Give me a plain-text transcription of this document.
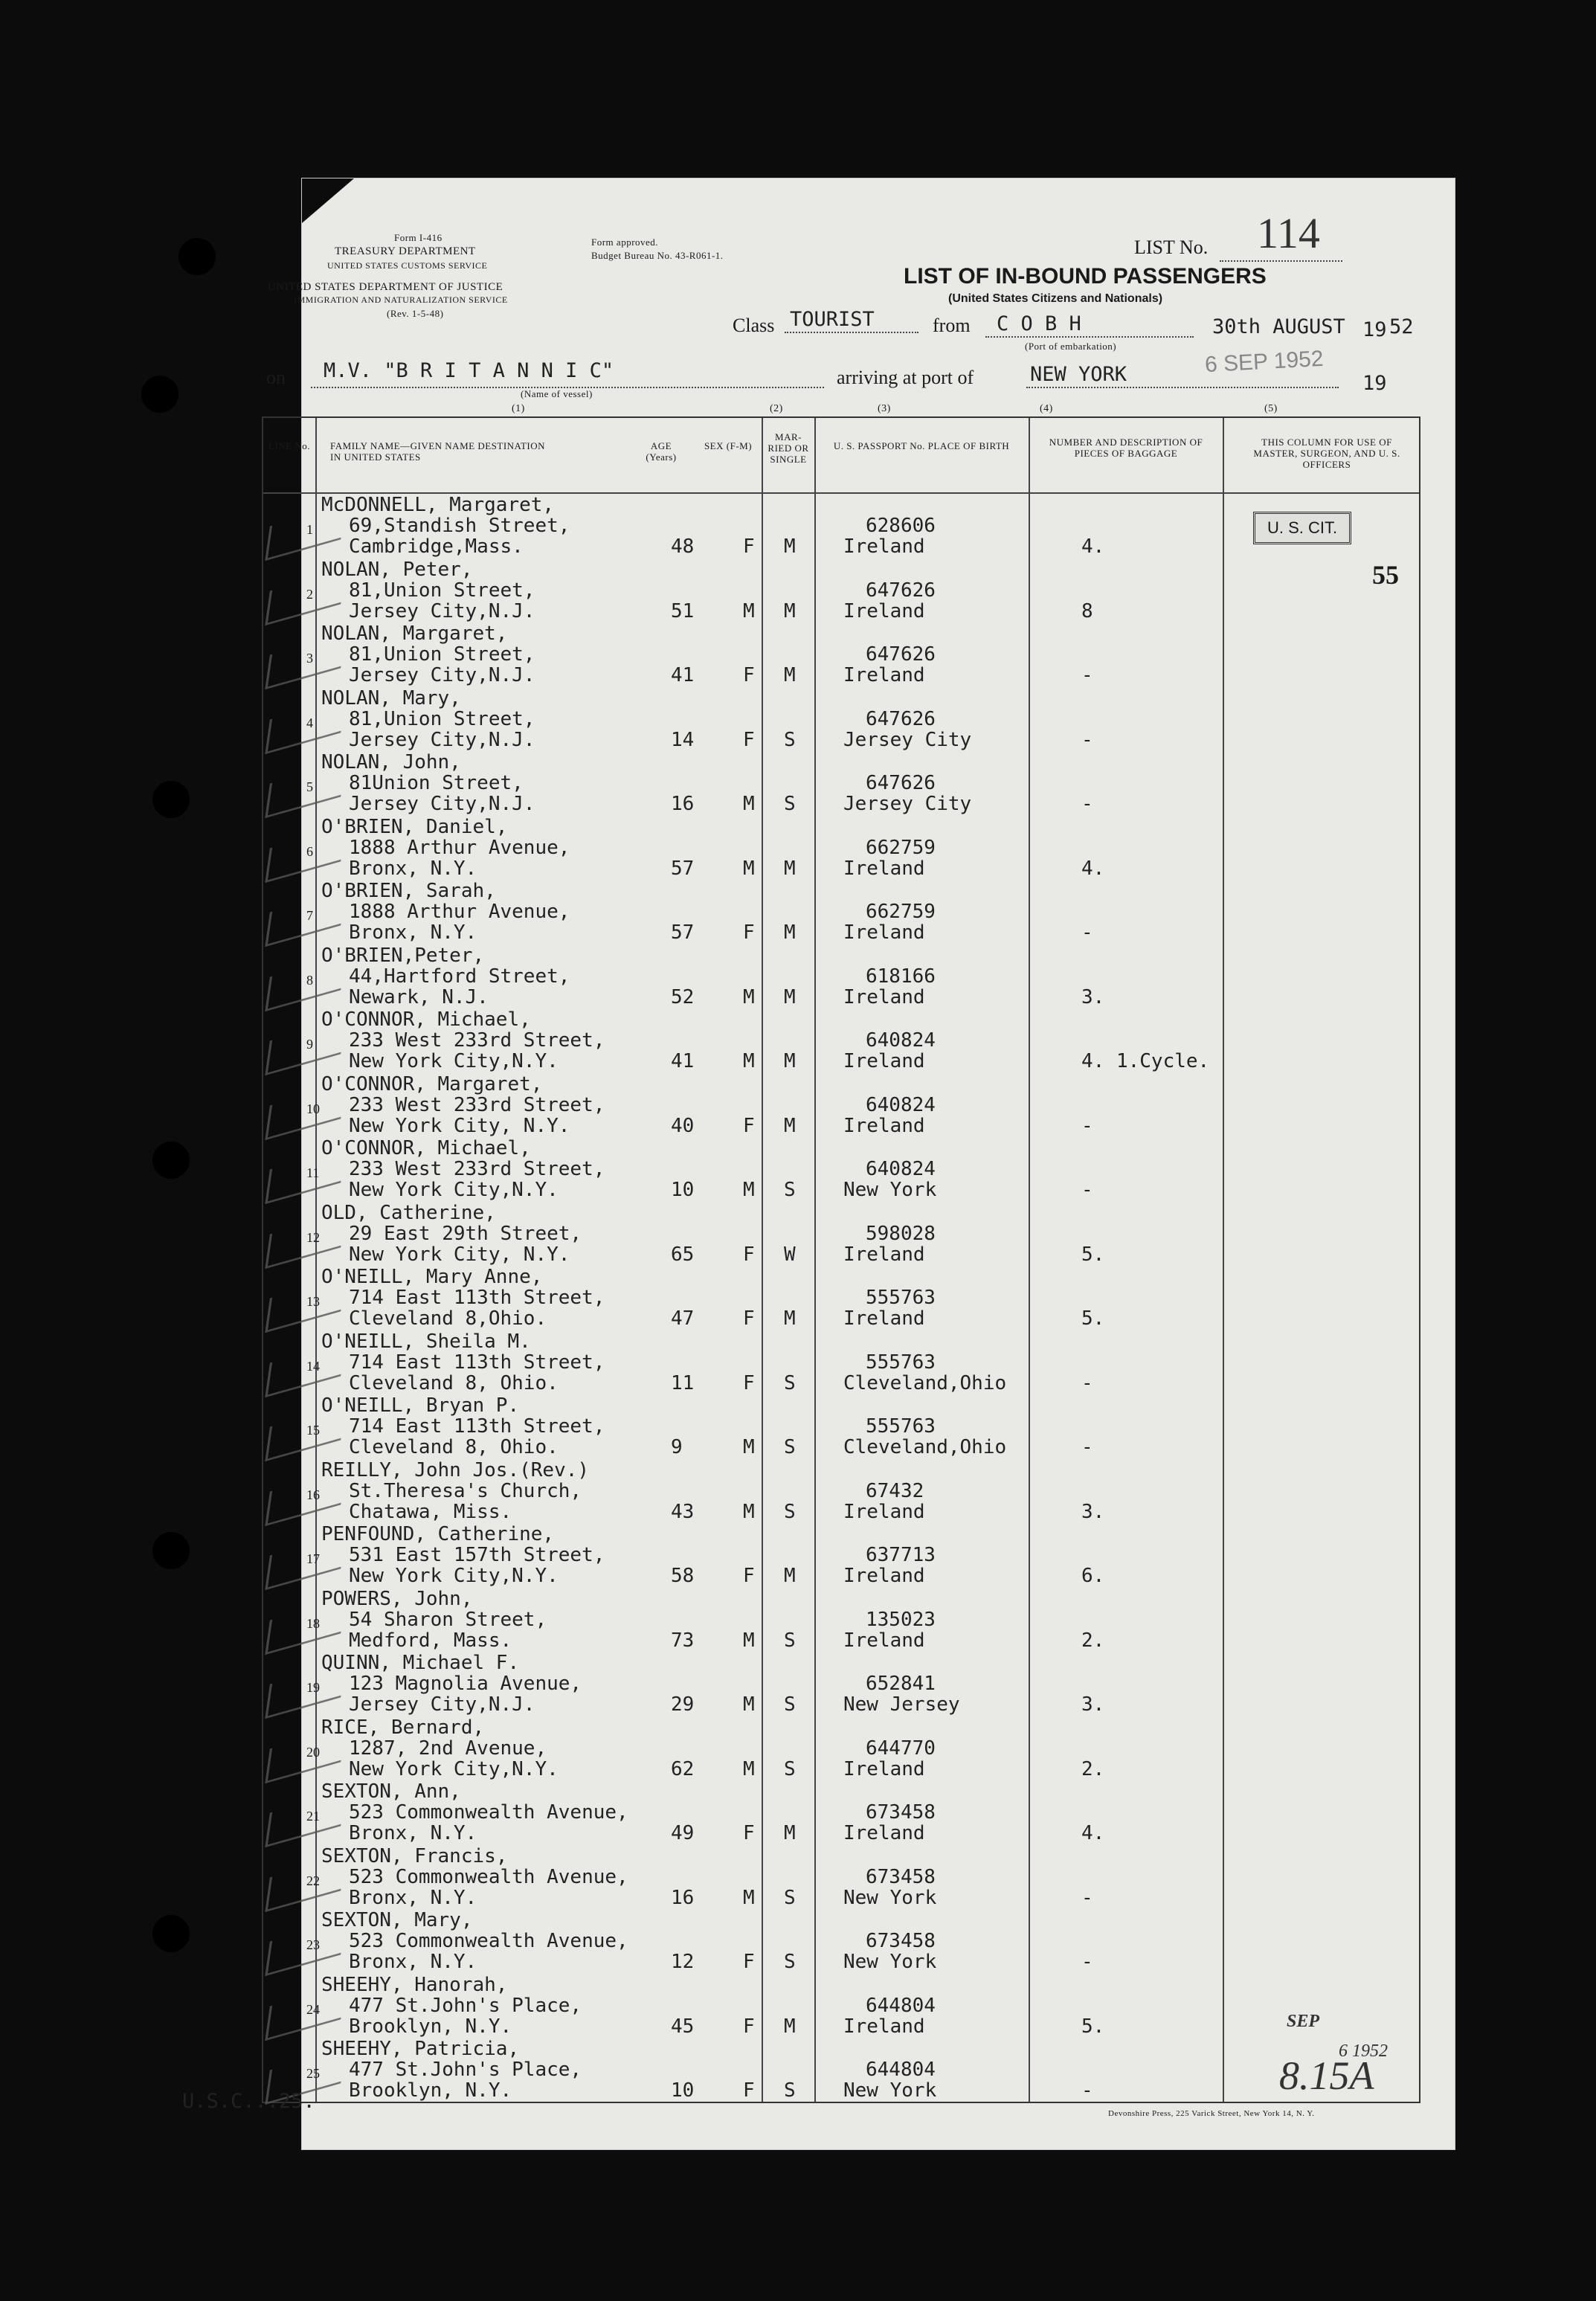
Form I-416
TREASURY DEPARTMENT
UNITED STATES CUSTOMS SERVICE
UNITED STATES DEPARTMENT OF JUSTICE
IMMIGRATION AND NATURALIZATION SERVICE
(Rev. 1-5-48)
Form approved.
Budget Bureau No. 43-R061-1.	LIST No. 114
LIST OF IN-BOUND PASSENGERS
(United States Citizens and Nationals)
Class TOURIST	from C O B H
(Port of embarkation)
30th AUGUST 19 52
on M.V. "B R I T A N N I C"
(Name of vessel)
arriving at port of	NEW YORK	6 SEP 1952
19
(1)	(2)	(3)	(4)	(5)
LINE No.	FAMILY NAME—GIVEN NAME DESTINATION IN UNITED STATES
AGE (Years)
SEX (F-M)
MAR- RIED OR SINGLE
U. S. PASSPORT No. PLACE OF BIRTH	NUMBER AND DESCRIPTION OF PIECES OF BAGGAGE
THIS COLUMN FOR USE OF MASTER, SURGEON, AND U. S. OFFICERS
1
McDONNELL, Margaret,
69,Standish Street,
Cambridge,Mass.	48	F M
628606
Ireland	4.
2
NOLAN, Peter,
81,Union Street,
Jersey City,N.J.	51	M M
647626
Ireland	8
3
NOLAN, Margaret,
81,Union Street,
Jersey City,N.J.	41	F M
647626
Ireland	-
4
NOLAN, Mary,
81,Union Street,
Jersey City,N.J.	14	F S
647626
Jersey City	-
5
NOLAN, John,
81Union Street,
Jersey City,N.J.	16	M S
647626
Jersey City	-
6
O'BRIEN, Daniel,
1888 Arthur Avenue,
Bronx, N.Y.	57	M M
662759
Ireland	4.
7
O'BRIEN, Sarah,
1888 Arthur Avenue,
Bronx, N.Y.	57	F M
662759
Ireland	-
8
O'BRIEN,Peter,
44,Hartford Street,
Newark, N.J.	52	M M
618166
Ireland	3.
9
O'CONNOR, Michael,
233 West 233rd Street,
New York City,N.Y.	41	M M
640824
Ireland	4. 1.Cycle.
10
O'CONNOR, Margaret,
233 West 233rd Street,
New York City, N.Y.	40	F M
640824
Ireland	-
11
O'CONNOR, Michael,
233 West 233rd Street,
New York City,N.Y.	10	M S
640824
New York	-
12
OLD, Catherine,
29 East 29th Street,
New York City, N.Y.	65	F W
598028
Ireland	5.
13
O'NEILL, Mary Anne,
714 East 113th Street,
Cleveland 8,Ohio.	47	F M
555763
Ireland	5.
14
O'NEILL, Sheila M.
714 East 113th Street,
Cleveland 8, Ohio.	11	F S
555763
Cleveland,Ohio	-
15
O'NEILL, Bryan P.
714 East 113th Street,
Cleveland 8, Ohio.	9	M S
555763
Cleveland,Ohio	-
16
REILLY, John Jos.(Rev.)
St.Theresa's Church,
Chatawa, Miss.	43	M S
67432
Ireland	3.
17
PENFOUND, Catherine,
531 East 157th Street,
New York City,N.Y.	58	F M
637713
Ireland	6.
18
POWERS, John,
54 Sharon Street,
Medford, Mass.	73	M S
135023
Ireland	2.
19
QUINN, Michael F.
123 Magnolia Avenue,
Jersey City,N.J.	29	M S
652841
New Jersey	3.
20
RICE, Bernard,
1287, 2nd Avenue,
New York City,N.Y.	62	M S
644770
Ireland	2.
21
SEXTON, Ann,
523 Commonwealth Avenue,
Bronx, N.Y.	49	F M
673458
Ireland	4.
22
SEXTON, Francis,
523 Commonwealth Avenue,
Bronx, N.Y.	16	M S
673458
New York	-
23
SEXTON, Mary,
523 Commonwealth Avenue,
Bronx, N.Y.	12	F S
673458
New York	-
24
SHEEHY, Hanorah,
477 St.John's Place,
Brooklyn, N.Y.	45	F M
644804
Ireland	5.
25
SHEEHY, Patricia,
477 St.John's Place,
Brooklyn, N.Y.	10	F S
644804
New York	-
U. S. CIT.
55
U.S.C...25.
Devonshire Press, 225 Varick Street, New York 14, N. Y.
8.15A
SEP
6 1952
